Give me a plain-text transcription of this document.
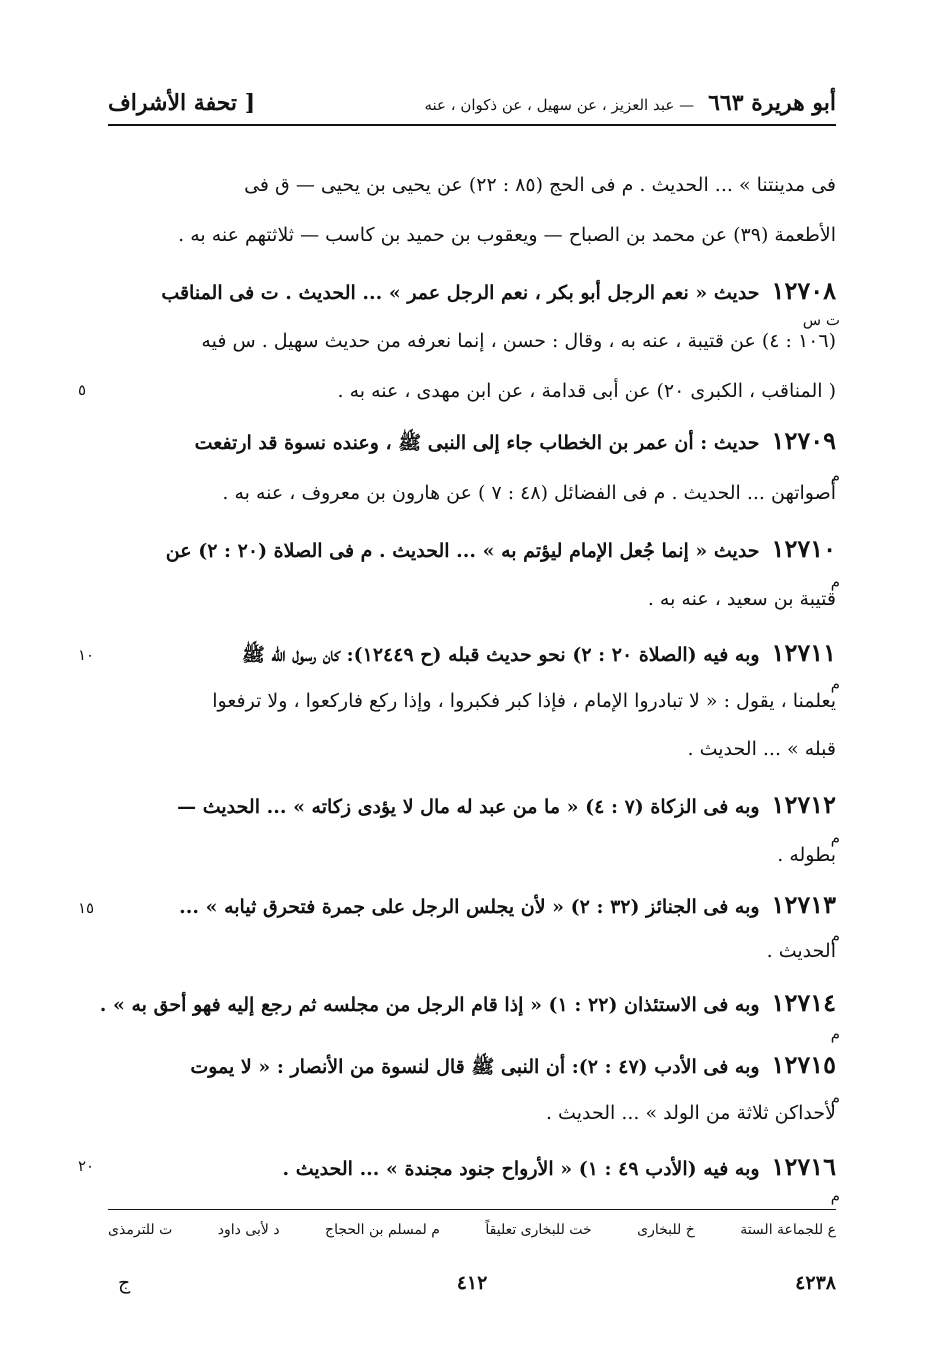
أبو هريرة ٦٦٣
— عبد العزيز ، عن سهيل ، عن ذكوان ، عنه
[ تحفة الأشراف
فى مدينتنا » ... الحديث . م فى الحج (٨٥ : ٢٢) عن يحيى بن يحيى — ق فى
الأطعمة (٣٩) عن محمد بن الصباح — ويعقوب بن حميد بن كاسب — ثلاثتهم عنه به .
١٢٧٠٨حديث « نعم الرجل أبو بكر ، نعم الرجل عمر » ... الحديث . ت فى المناقب
ت س
(١٠٦ : ٤) عن قتيبة ، عنه به ، وقال : حسن ، إنما نعرفه من حديث سهيل . س فيه
( المناقب ، الكبرى ٢٠) عن أبى قدامة ، عن ابن مهدى ، عنه به .
٥
١٢٧٠٩حديث : أن عمر بن الخطاب جاء إلى النبى ﷺ ، وعنده نسوة قد ارتفعت
م
أصواتهن ... الحديث . م فى الفضائل (٤٨ : ٧ ) عن هارون بن معروف ، عنه به .
١٢٧١٠حديث « إنما جُعل الإمام ليؤتم به » ... الحديث . م فى الصلاة (٢٠ : ٢) عن
م
قتيبة بن سعيد ، عنه به .
١٢٧١١وبه فيه (الصلاة ٢٠ : ٢) نحو حديث قبله (ح ١٢٤٤٩): كان رسول الله ﷺ
١٠
م
يعلمنا ، يقول : « لا تبادروا الإمام ، فإذا كبر فكبروا ، وإذا ركع فاركعوا ، ولا ترفعوا
قبله » ... الحديث .
١٢٧١٢وبه فى الزكاة (٧ : ٤) « ما من عبد له مال لا يؤدى زكاته » ... الحديث —
م
بطوله .
١٢٧١٣وبه فى الجنائز (٣٢ : ٢) « لأن يجلس الرجل على جمرة فتحرق ثيابه » ...
١٥
م
الحديث .
١٢٧١٤وبه فى الاستئذان (٢٢ : ١) « إذا قام الرجل من مجلسه ثم رجع إليه فهو أحق به » .
م
١٢٧١٥وبه فى الأدب (٤٧ : ٢): أن النبى ﷺ قال لنسوة من الأنصار : « لا يموت
م
لأحداكن ثلاثة من الولد » ... الحديث .
١٢٧١٦وبه فيه (الأدب ٤٩ : ١) « الأرواح جنود مجندة » ... الحديث .
٢٠
م
ع للجماعة الستة
خ للبخارى
خت للبخارى تعليقاً
م لمسلم بن الحجاج
د لأبى داود
ت للترمذى
٤٢٣٨
٤١٢
ج
